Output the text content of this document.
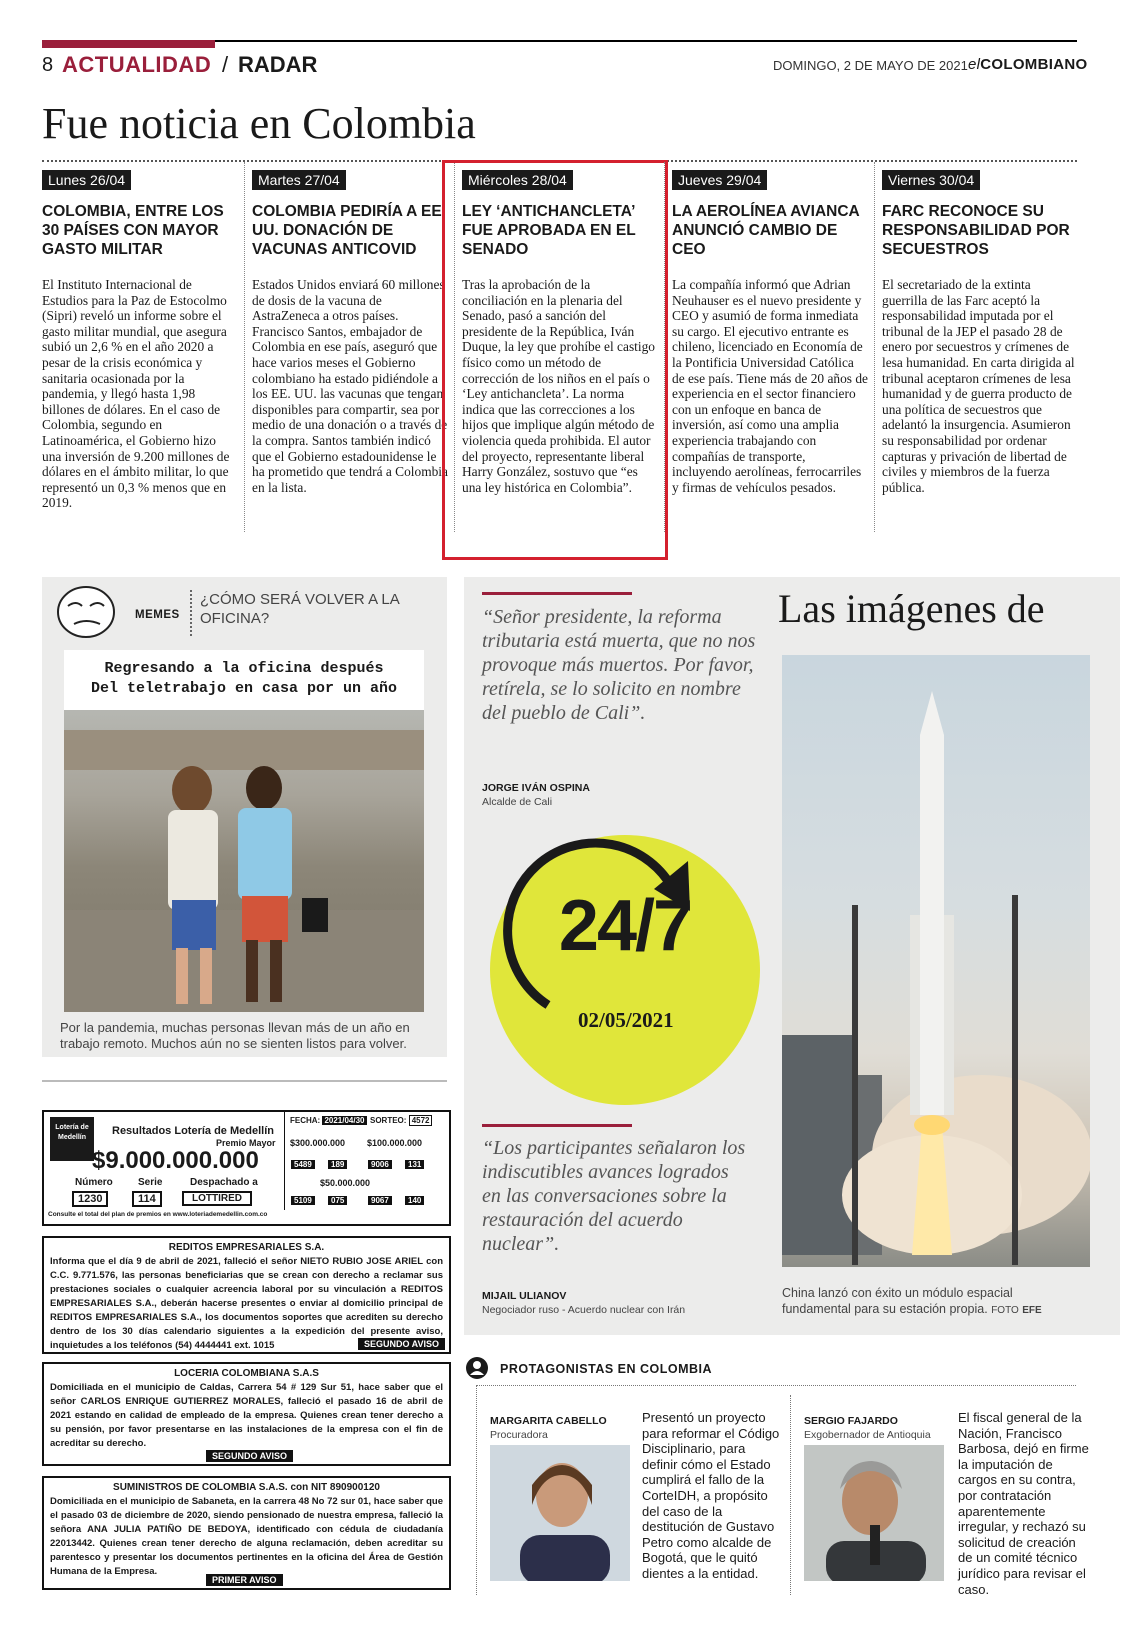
8 ACTUALIDAD / RADAR	DOMINGO, 2 DE MAYO DE 2021 elCOLOMBIANO
Fue noticia en Colombia
Lunes 26/04
COLOMBIA, ENTRE LOS 30 PAÍSES CON MAYOR GASTO MILITAR
El Instituto Internacional de Estudios para la Paz de Estocolmo (Sipri) reveló un informe sobre el gasto militar mundial, que asegura subió un 2,6 % en el año 2020 a pesar de la crisis económica y sanitaria ocasionada por la pandemia, y llegó hasta 1,98 billones de dólares. En el caso de Colombia, segundo en Latinoamérica, el Gobierno hizo una inversión de 9.200 millones de dólares en el ámbito militar, lo que representó un 0,3 % menos que en 2019.
Martes 27/04
COLOMBIA PEDIRÍA A EE. UU. DONACIÓN DE VACUNAS ANTICOVID
Estados Unidos enviará 60 millones de dosis de la vacuna de AstraZeneca a otros países. Francisco Santos, embajador de Colombia en ese país, aseguró que hace varios meses el Gobierno colombiano ha estado pidiéndole a los EE. UU. las vacunas que tengan disponibles para compartir, sea por medio de una donación o a través de la compra. Santos también indicó que el Gobierno estadounidense le ha prometido que tendrá a Colombia en la lista.
Miércoles 28/04
LEY ‘ANTICHANCLETA’ FUE APROBADA EN EL SENADO
Tras la aprobación de la conciliación en la plenaria del Senado, pasó a sanción del presidente de la República, Iván Duque, la ley que prohíbe el castigo físico como un método de corrección de los niños en el país o ‘Ley antichancleta’. La norma indica que las correcciones a los hijos que implique algún método de violencia queda prohibida. El autor del proyecto, representante liberal Harry González, sostuvo que “es una ley histórica en Colombia”.
Jueves 29/04
LA AEROLÍNEA AVIANCA ANUNCIÓ CAMBIO DE CEO
La compañía informó que Adrian Neuhauser es el nuevo presidente y CEO y asumió de forma inmediata su cargo. El ejecutivo entrante es chileno, licenciado en Economía de la Pontificia Universidad Católica de ese país. Tiene más de 20 años de experiencia en el sector financiero con un enfoque en banca de inversión, así como una amplia experiencia trabajando con compañías de transporte, incluyendo aerolíneas, ferrocarriles y firmas de vehículos pesados.
Viernes 30/04
FARC RECONOCE SU RESPONSABILIDAD POR SECUESTROS
El secretariado de la extinta guerrilla de las Farc aceptó la responsabilidad imputada por el tribunal de la JEP el pasado 28 de enero por secuestros y crímenes de lesa humanidad. En carta dirigida al tribunal aceptaron crímenes de lesa humanidad y de guerra producto de una política de secuestros que adelantó la insurgencia. Asumieron su responsabilidad por ordenar capturas y privación de libertad de civiles y miembros de la fuerza pública.
MEMES
¿CÓMO SERÁ VOLVER A LA OFICINA?
Regresando a la oficina después
Del teletrabajo en casa por un año
Por la pandemia, muchas personas llevan más de un año en trabajo remoto. Muchos aún no se sienten listos para volver.
“Señor presidente, la reforma tributaria está muerta, que no nos provoque más muertos. Por favor, retírela, se lo solicito en nombre del pueblo de Cali”.
JORGE IVÁN OSPINA
Alcalde de Cali
24/7
02/05/2021
“Los participantes señalaron los indiscutibles avances logrados en las conversaciones sobre la restauración del acuerdo nuclear”.
MIJAIL ULIANOV
Negociador ruso - Acuerdo nuclear con Irán
Las imágenes de
China lanzó con éxito un módulo espacial fundamental para su estación propia. FOTO EFE
Lotería de Medellín
Resultados Lotería de Medellín
Premio Mayor
$9.000.000.000
Número	Serie	Despachado a
1230	114	LOTTIRED
FECHA: 2021/04/30 SORTEO: 4572
$300.000.000 $100.000.000
5489	189	9006	131
$50.000.000
5109	075	9067	140
Consulte el total del plan de premios en www.loteriademedellin.com.co
REDITOS EMPRESARIALES S.A.
Informa que el día 9 de abril de 2021, falleció el señor NIETO RUBIO JOSE ARIEL con C.C. 9.771.576, las personas beneficiarias que se crean con derecho a reclamar sus prestaciones sociales o cualquier acreencia laboral por su vinculación a REDITOS EMPRESARIALES S.A., deberán hacerse presentes o enviar al domicilio principal de REDITOS EMPRESARIALES S.A., los documentos soportes que acrediten su derecho dentro de los 30 días calendario siguientes a la expedición del presente aviso, inquietudes a los teléfonos (54) 4444441 ext. 1015	SEGUNDO AVISO
LOCERIA COLOMBIANA S.A.S
Domiciliada en el municipio de Caldas, Carrera 54 # 129 Sur 51, hace saber que el señor CARLOS ENRIQUE GUTIERREZ MORALES, falleció el pasado 16 de abril de 2021 estando en calidad de empleado de la empresa. Quienes crean tener derecho a su pensión, por favor presentarse en las instalaciones de la empresa con el fin de acreditar su derecho.
SEGUNDO AVISO
SUMINISTROS DE COLOMBIA S.A.S. con NIT 890900120
Domiciliada en el municipio de Sabaneta, en la carrera 48 No 72 sur 01, hace saber que el pasado 03 de diciembre de 2020, siendo pensionado de nuestra empresa, falleció la señora ANA JULIA PATIÑO DE BEDOYA, identificado con cédula de ciudadanía 22013442. Quienes crean tener derecho de alguna reclamación, deben acreditar su parentesco y presentar los documentos pertinentes en la oficina del Área de Gestión Humana de la Empresa.
PRIMER AVISO
PROTAGONISTAS EN COLOMBIA
MARGARITA CABELLO
Procuradora
Presentó un proyecto para reformar el Código Disciplinario, para definir cómo el Estado cumplirá el fallo de la CorteIDH, a propósito del caso de la destitución de Gustavo Petro como alcalde de Bogotá, que le quitó dientes a la entidad.
SERGIO FAJARDO
Exgobernador de Antioquia
El fiscal general de la Nación, Francisco Barbosa, dejó en firme la imputación de cargos en su contra, por contratación aparentemente irregular, y rechazó su solicitud de creación de un comité técnico jurídico para revisar el caso.
